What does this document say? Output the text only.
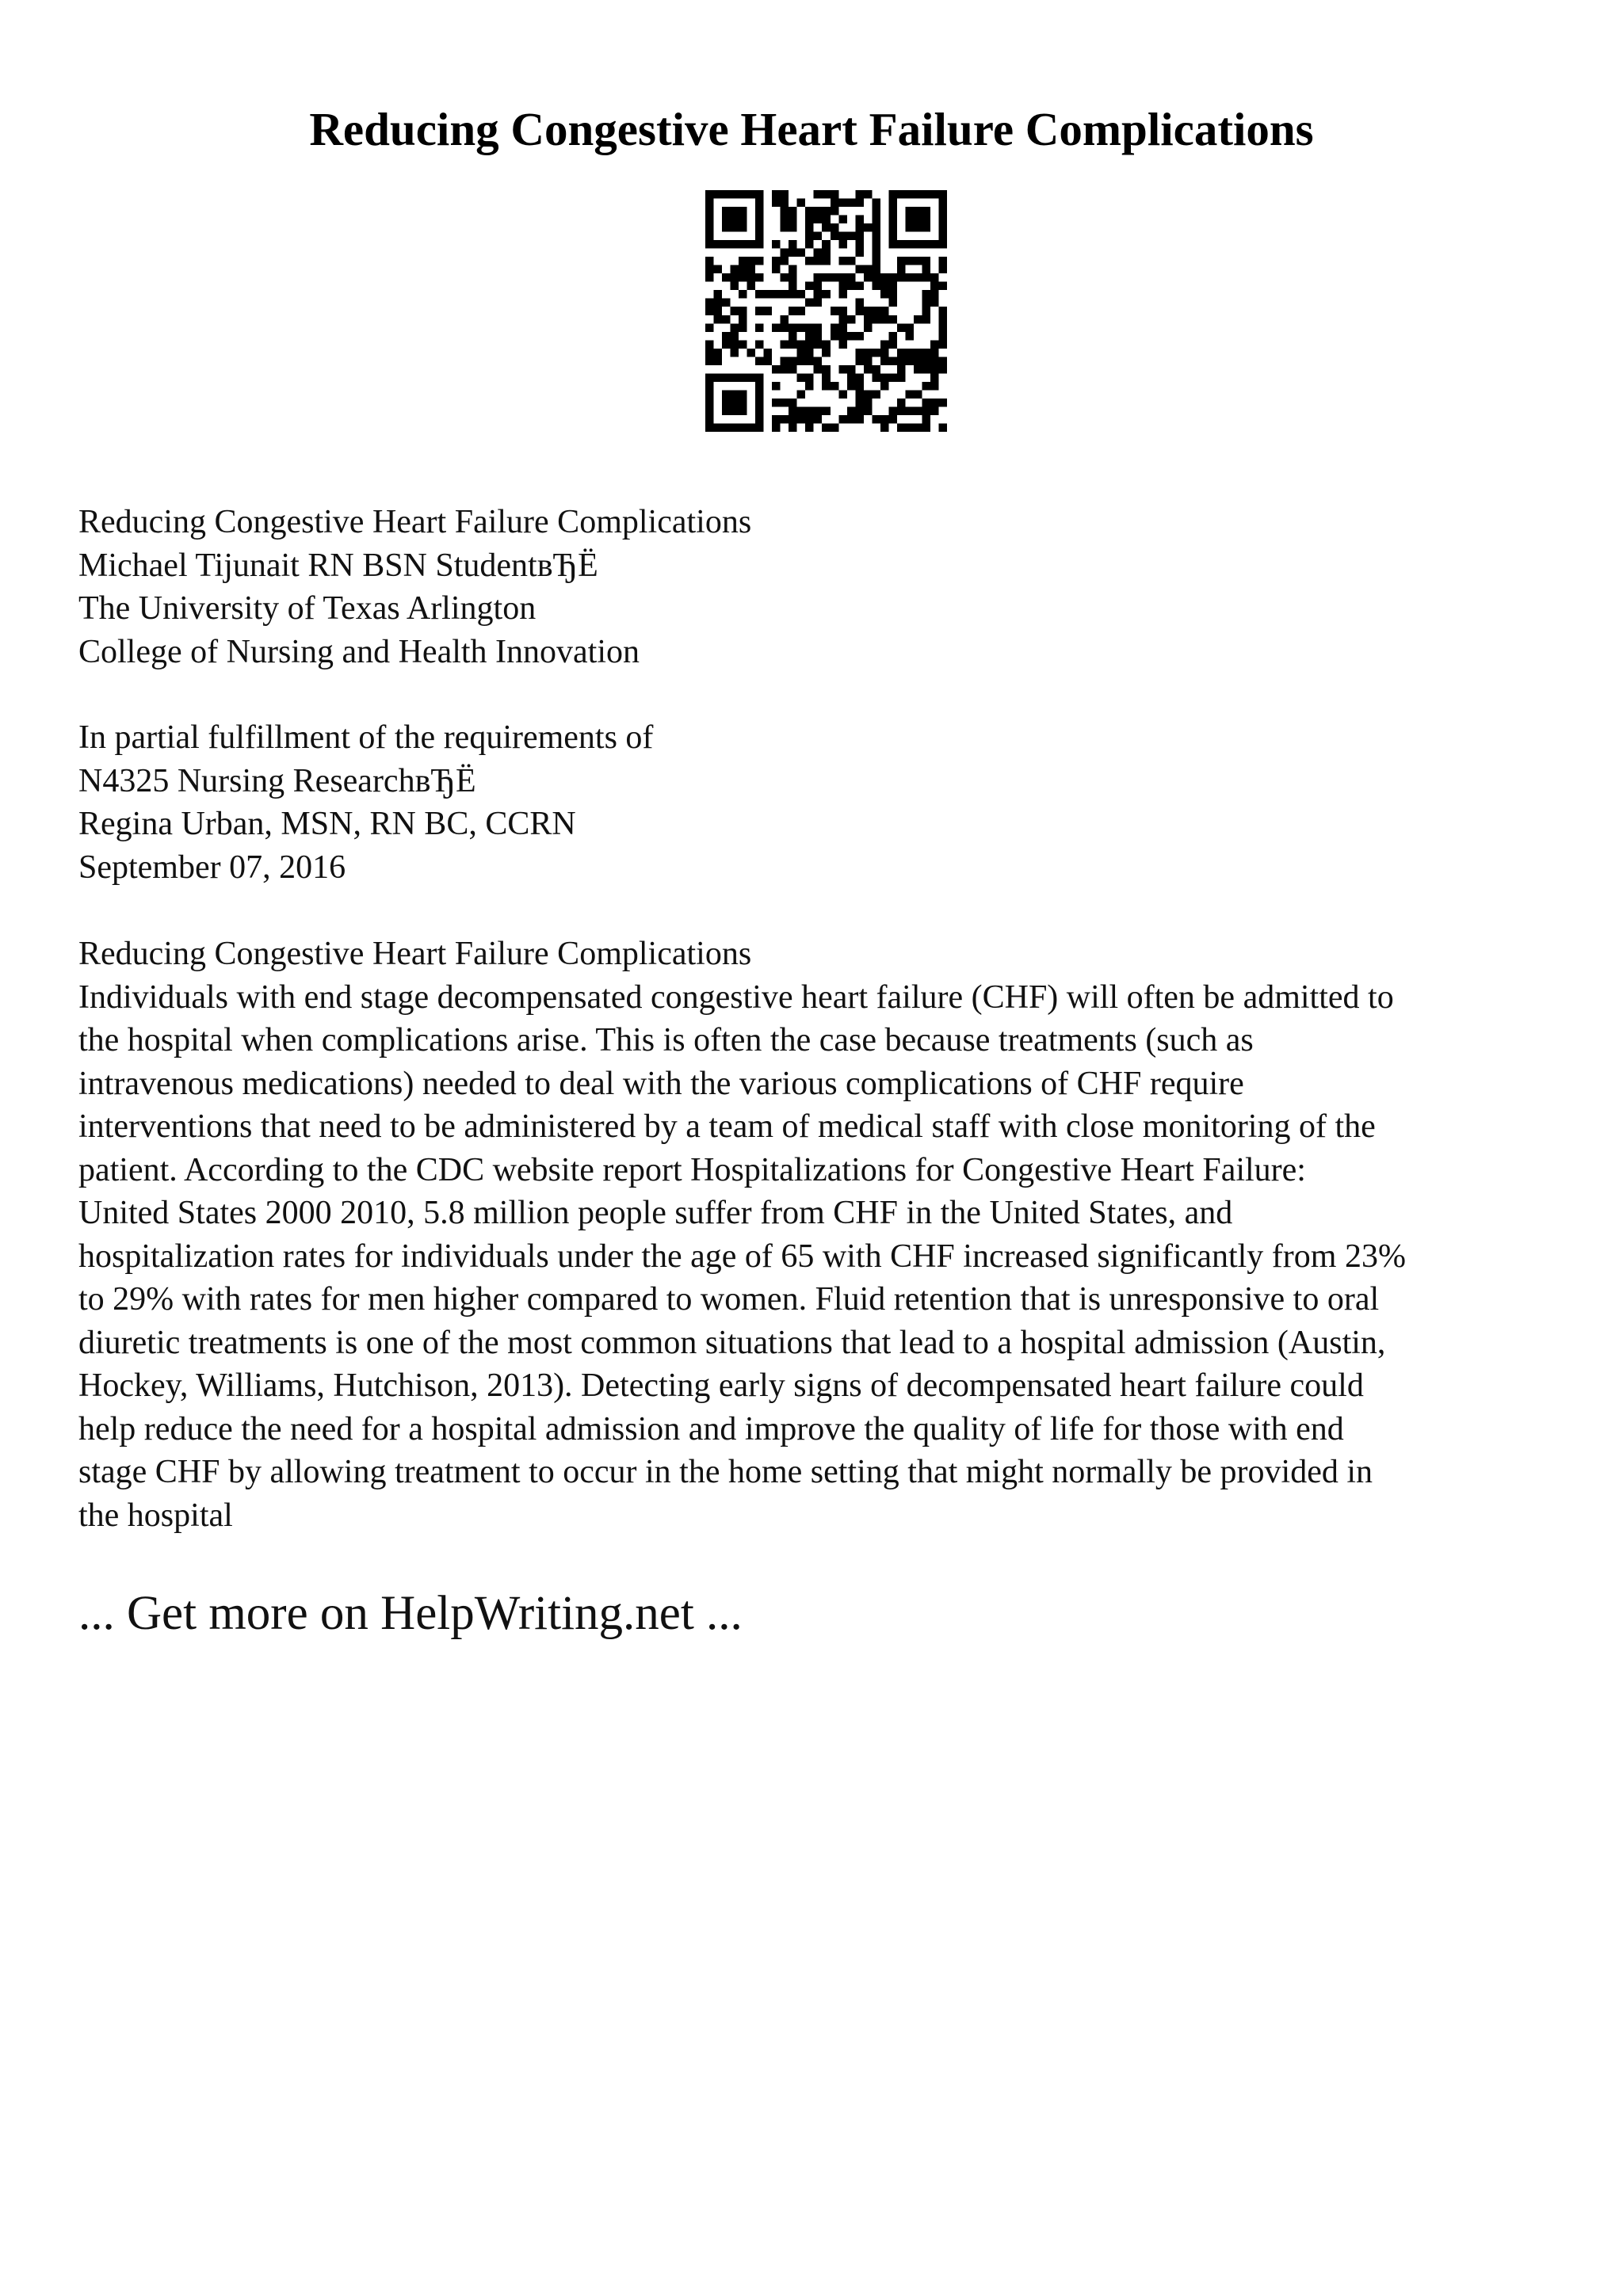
Reducing Congestive Heart Failure Complications
Reducing Congestive Heart Failure Complications
Michael Tijunait RN BSN StudentвЂЁ
The University of Texas Arlington
College of Nursing and Health Innovation
In partial fulfillment of the requirements of
N4325 Nursing ResearchвЂЁ
Regina Urban, MSN, RN BC, CCRN
September 07, 2016
Reducing Congestive Heart Failure Complications
Individuals with end stage decompensated congestive heart failure (CHF) will often be admitted to
the hospital when complications arise. This is often the case because treatments (such as
intravenous medications) needed to deal with the various complications of CHF require
interventions that need to be administered by a team of medical staff with close monitoring of the
patient. According to the CDC website report Hospitalizations for Congestive Heart Failure:
United States 2000 2010, 5.8 million people suffer from CHF in the United States, and
hospitalization rates for individuals under the age of 65 with CHF increased significantly from 23%
to 29% with rates for men higher compared to women. Fluid retention that is unresponsive to oral
diuretic treatments is one of the most common situations that lead to a hospital admission (Austin,
Hockey, Williams, Hutchison, 2013). Detecting early signs of decompensated heart failure could
help reduce the need for a hospital admission and improve the quality of life for those with end
stage CHF by allowing treatment to occur in the home setting that might normally be provided in
the hospital
... Get more on HelpWriting.net ...
